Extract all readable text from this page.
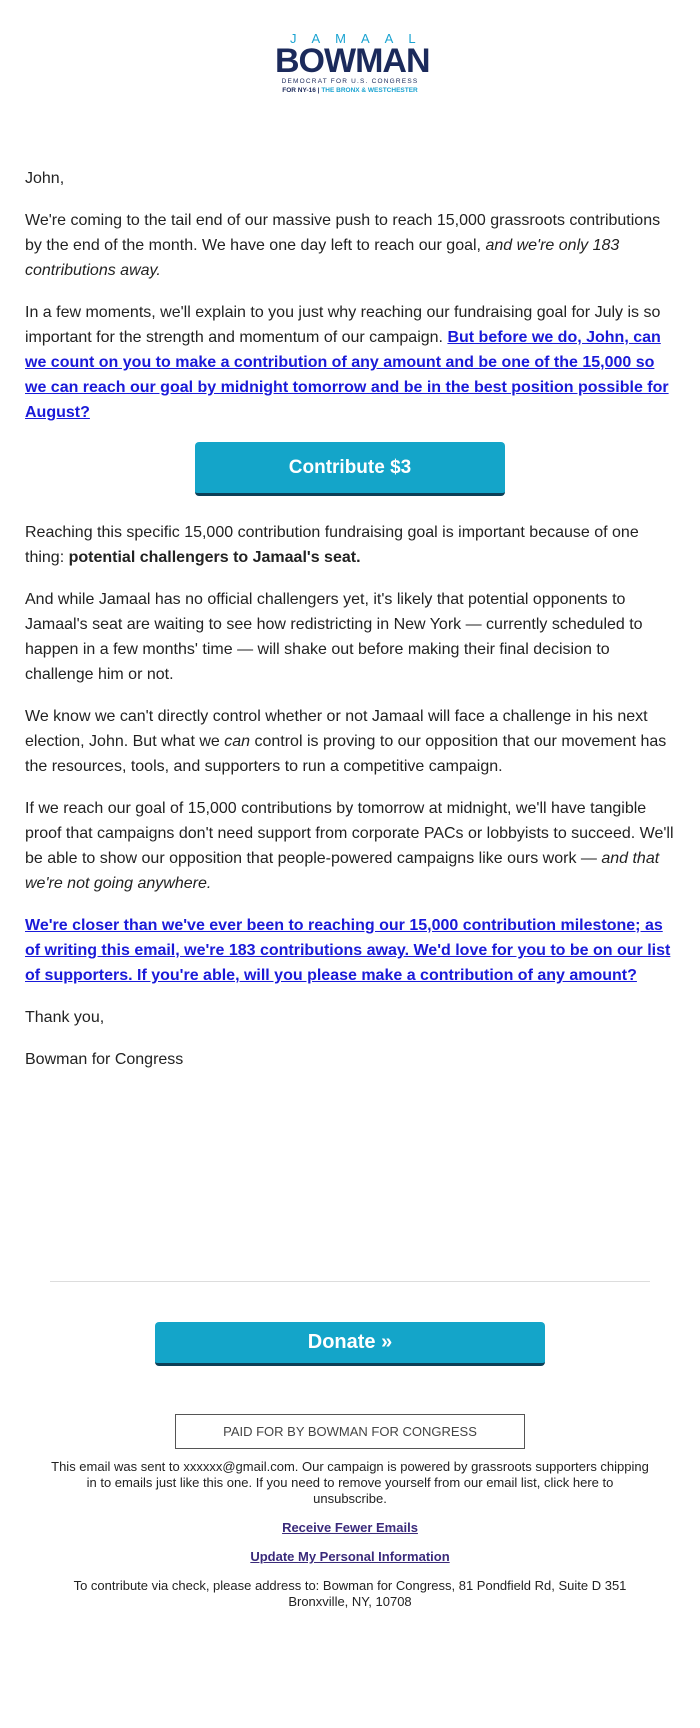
JAMAAL
BOWMAN
DEMOCRAT FOR U.S. CONGRESS
FOR NY-16 | THE BRONX & WESTCHESTER

John,

We're coming to the tail end of our massive push to reach 15,000 grassroots contributions by the end of the month. We have one day left to reach our goal, and we're only 183 contributions away.

In a few moments, we'll explain to you just why reaching our fundraising goal for July is so important for the strength and momentum of our campaign. But before we do, John, can we count on you to make a contribution of any amount and be one of the 15,000 so we can reach our goal by midnight tomorrow and be in the best position possible for August?

Contribute $3

Reaching this specific 15,000 contribution fundraising goal is important because of one thing: potential challengers to Jamaal's seat.

And while Jamaal has no official challengers yet, it's likely that potential opponents to Jamaal's seat are waiting to see how redistricting in New York — currently scheduled to happen in a few months' time — will shake out before making their final decision to challenge him or not.

We know we can't directly control whether or not Jamaal will face a challenge in his next election, John. But what we can control is proving to our opposition that our movement has the resources, tools, and supporters to run a competitive campaign.

If we reach our goal of 15,000 contributions by tomorrow at midnight, we'll have tangible proof that campaigns don't need support from corporate PACs or lobbyists to succeed. We'll be able to show our opposition that people-powered campaigns like ours work — and that we're not going anywhere.

We're closer than we've ever been to reaching our 15,000 contribution milestone; as of writing this email, we're 183 contributions away. We'd love for you to be on our list of supporters. If you're able, will you please make a contribution of any amount?

Thank you,

Bowman for Congress

Donate »
PAID FOR BY BOWMAN FOR CONGRESS
This email was sent to xxxxxx@gmail.com. Our campaign is powered by grassroots supporters chipping in to emails just like this one. If you need to remove yourself from our email list, click here to unsubscribe.
Receive Fewer Emails
Update My Personal Information
To contribute via check, please address to: Bowman for Congress, 81 Pondfield Rd, Suite D 351 Bronxville, NY, 10708
